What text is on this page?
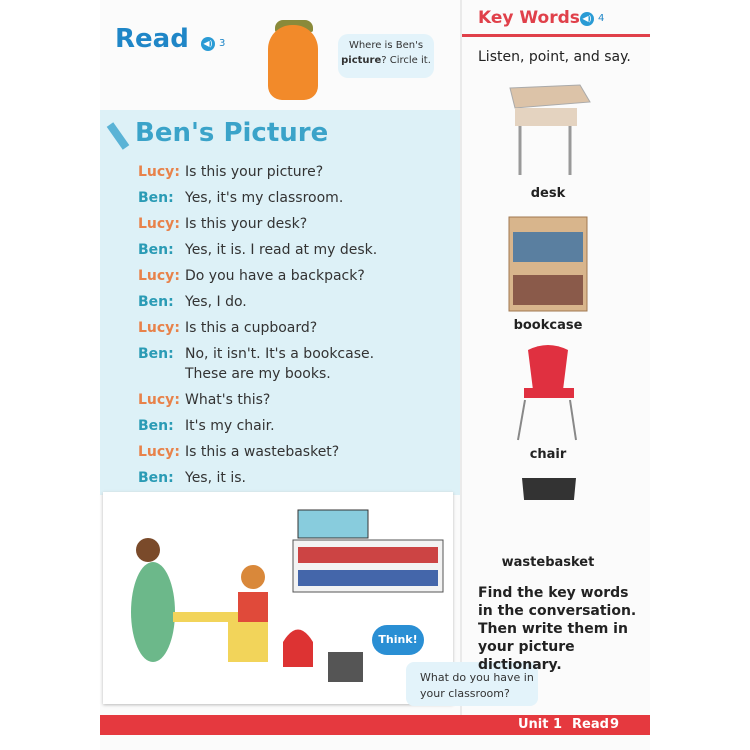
Read ◀) 3	Where is Ben's
picture? Circle it.
Ben's Picture
Lucy: Is this your picture?
Ben: Yes, it's my classroom.
Lucy: Is this your desk?
Ben: Yes, it is. I read at my desk.
Lucy: Do you have a backpack?
Ben: Yes, I do.
Lucy: Is this a cupboard?
Ben: No, it isn't. It's a bookcase.
These are my books.
Lucy: What's this?
Ben: It's my chair.
Lucy: Is this a wastebasket?
Ben: Yes, it is.
Think!
What do you have in
your classroom?
Key Words ◀) 4
Listen, point, and say.
desk
bookcase
chair
wastebasket
Find the key words in the conversation. Then write them in your picture dictionary.
Unit 1 Read 9
